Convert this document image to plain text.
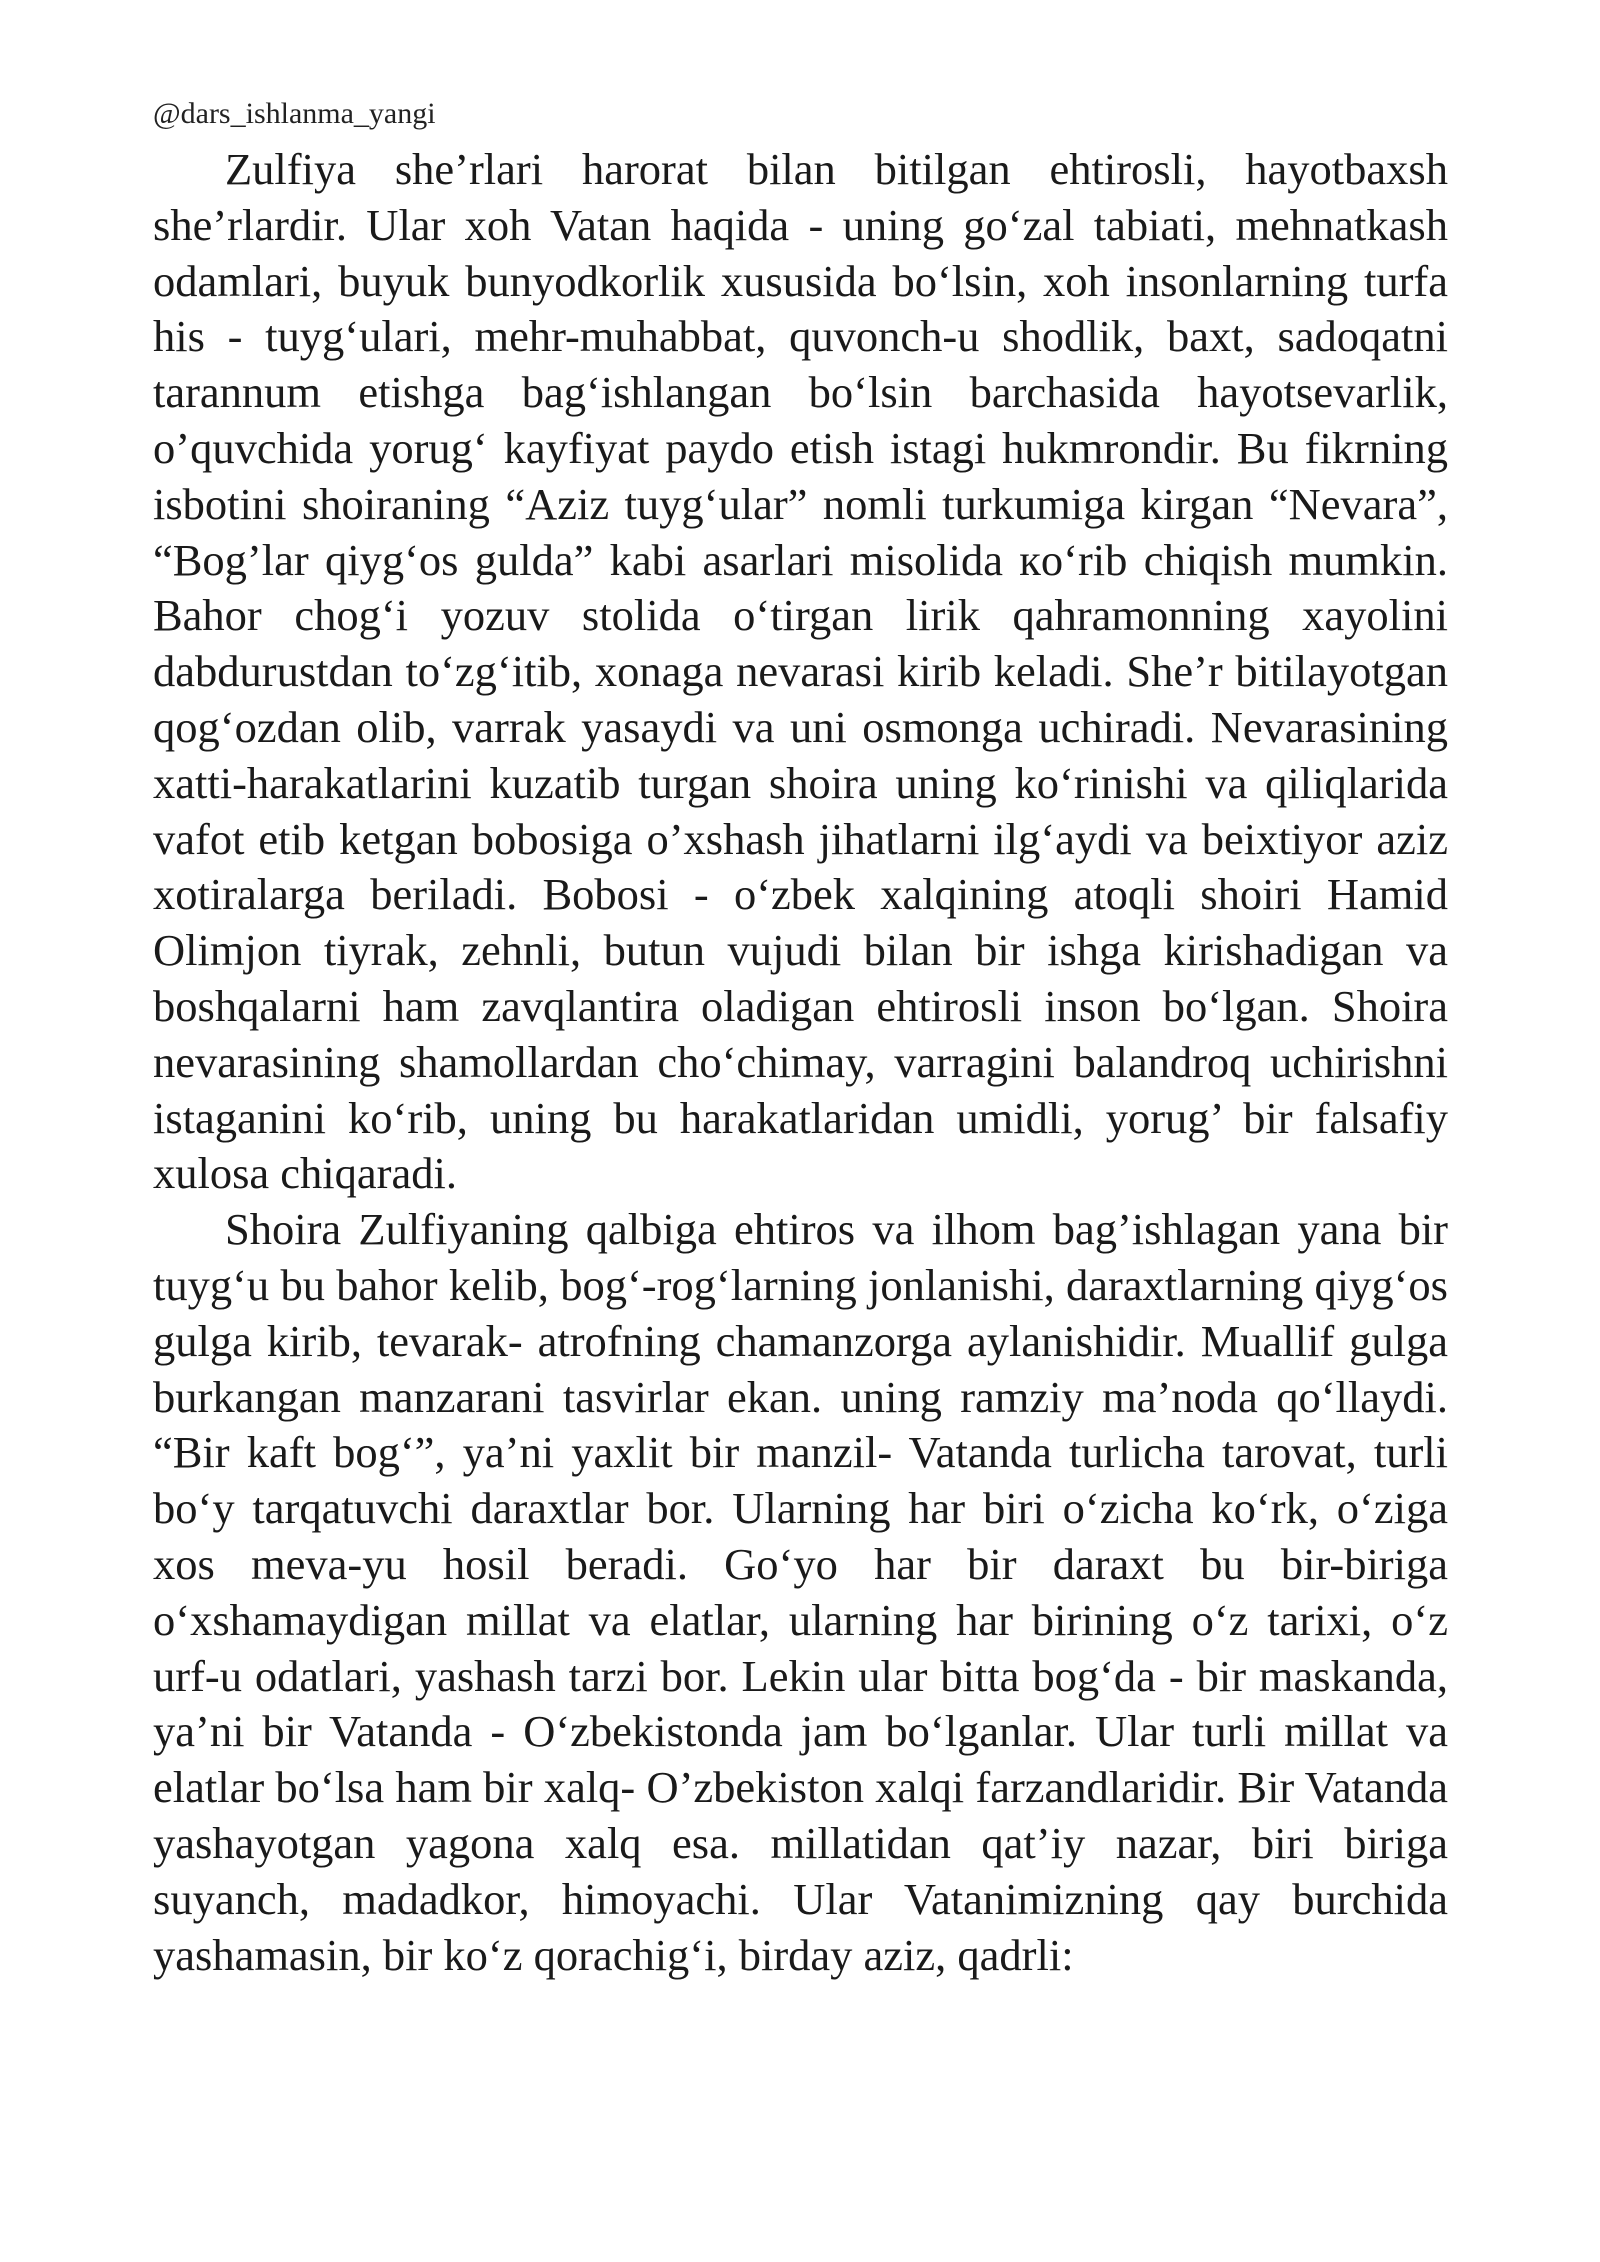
@dars_ishlanma_yangi

Zulfiya she’rlari harorat bilan bitilgan ehtirosli, hayotbaxsh she’rlardir. Ular xoh Vatan haqida - uning go‘zal tabiati, mehnatkash odamlari, buyuk bunyodkorlik xususida bo‘lsin, xoh insonlarning turfa his - tuyg‘ulari, mehr-muhabbat, quvonch-u shodlik, baxt, sadoqatni tarannum etishga bag‘ishlangan bo‘lsin barchasida hayotsevarlik, o’quvchida yorug‘ kayfiyat paydo etish istagi hukmrondir. Bu fikrning isbotini shoiraning “Aziz tuyg‘ular” nomli turkumiga kirgan “Nevara”, “Bog’lar qiyg‘os gulda” kabi asarlari misolida кo‘rib chiqish mumkin. Bahor chog‘i yozuv stolida o‘tirgan lirik qahramonning xayolini dabdurustdan to‘zg‘itib, xonaga nevarasi kirib keladi. She’r bitilayotgan qog‘ozdan olib, varrak yasaydi va uni osmonga uchiradi. Nevarasining xatti-harakatlarini kuzatib turgan shoira uning ko‘rinishi va qiliqlarida vafot etib ketgan bobosiga o’xshash jihatlarni ilg‘aydi va beixtiyor aziz xotiralarga beriladi. Bobosi - o‘zbek xalqining atoqli shoiri Hamid Olimjon tiyrak, zehnli, butun vujudi bilan bir ishga kirishadigan va boshqalarni ham zavqlantira oladigan ehtirosli inson bo‘lgan. Shoira nevarasining shamollardan cho‘chimay, varragini balandroq uchirishni istaganini ko‘rib, uning bu harakatlaridan umidli, yorug’ bir falsafiy xulosa chiqaradi.

Shoira Zulfiyaning qalbiga ehtiros va ilhom bag’ishlagan yana bir tuyg‘u bu bahor kelib, bog‘-rog‘larning jonlanishi, daraxtlarning qiyg‘os gulga kirib, tevarak- atrofning chamanzorga aylanishidir. Muallif gulga burkangan manzarani tasvirlar ekan. uning ramziy ma’noda qo‘llaydi. “Bir kaft bog‘”, ya’ni yaxlit bir manzil- Vatanda turlicha tarovat, turli bo‘y tarqatuvchi daraxtlar bor. Ularning har biri o‘zicha ko‘rk, o‘ziga xos meva-yu hosil beradi. Go‘yo har bir daraxt bu bir-biriga o‘xshamaydigan millat va elatlar, ularning har birining o‘z tarixi, o‘z urf-u odatlari, yashash tarzi bor. Lekin ular bitta bog‘da - bir maskanda, ya’ni bir Vatanda - O‘zbekistonda jam bo‘lganlar. Ular turli millat va elatlar bo‘lsa ham bir xalq- O’zbekiston xalqi farzandlaridir. Bir Vatanda yashayotgan yagona xalq esa. millatidan qat’iy nazar, biri biriga suyanch, madadkor, himoyachi. Ular Vatanimizning qay burchida yashamasin, bir ko‘z qorachig‘i, birday aziz, qadrli:
